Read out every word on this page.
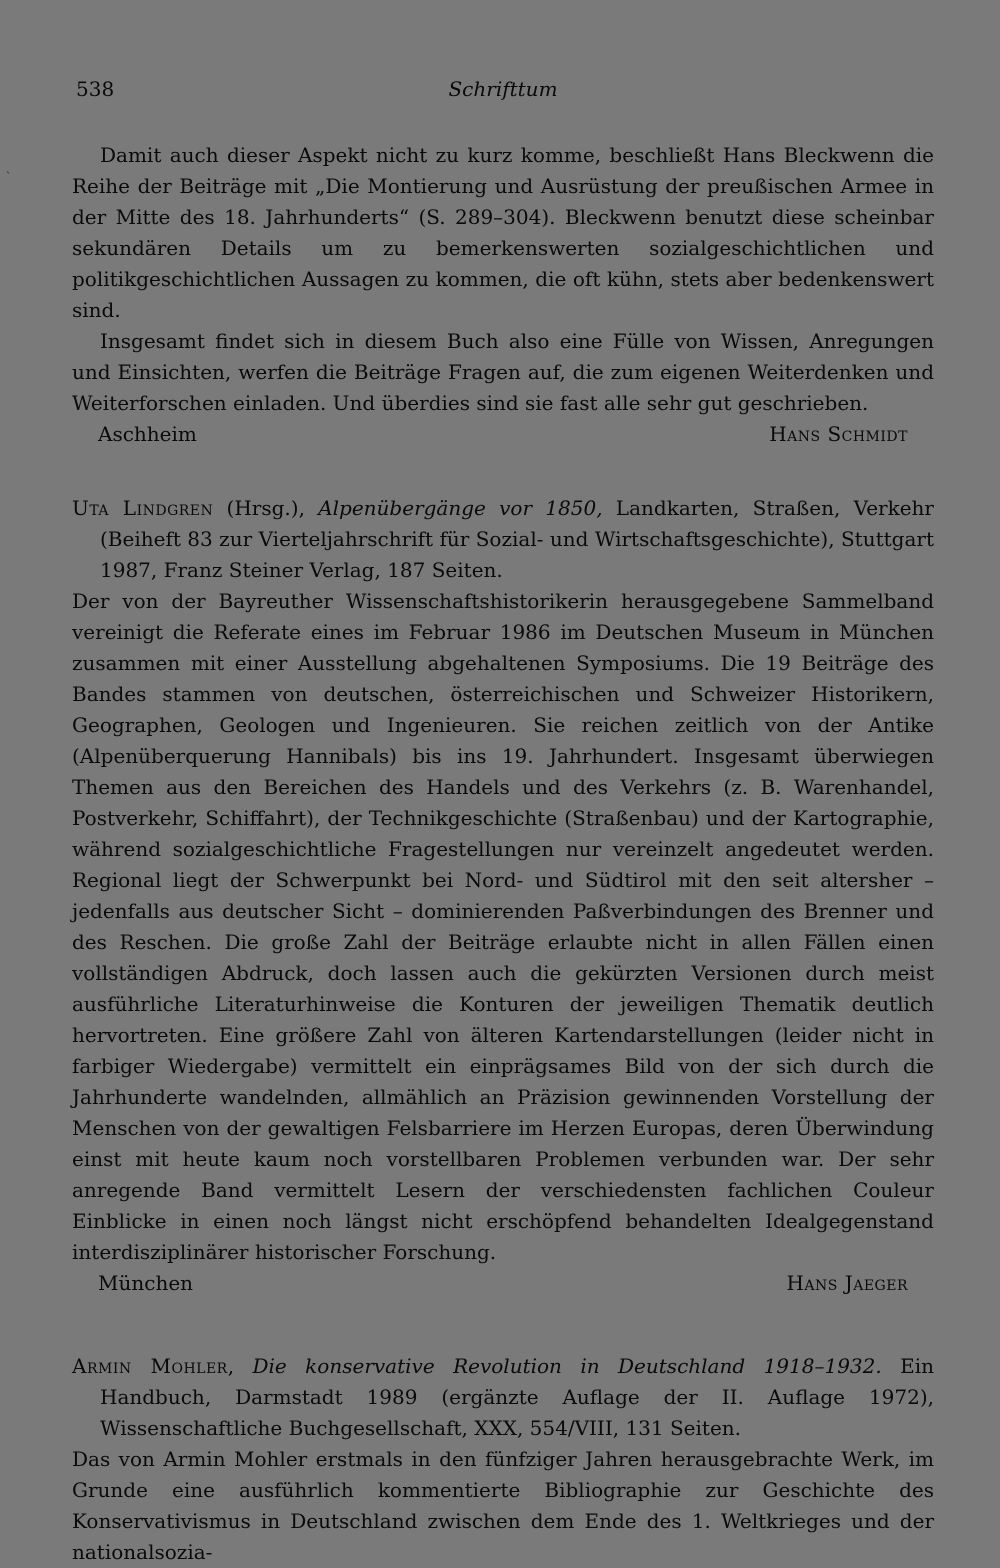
538	Schrifttum
`

Damit auch dieser Aspekt nicht zu kurz komme, beschließt Hans Bleckwenn die Reihe der Beiträge mit „Die Montierung und Ausrüstung der preußischen Armee in der Mitte des 18. Jahrhunderts“ (S. 289–304). Bleckwenn benutzt diese scheinbar sekundären Details um zu bemerkenswerten sozialgeschichtlichen und politikgeschichtlichen Aussagen zu kommen, die oft kühn, stets aber bedenkenswert sind.

Insgesamt findet sich in diesem Buch also eine Fülle von Wissen, Anregungen und Einsichten, werfen die Beiträge Fragen auf, die zum eigenen Weiterdenken und Weiterforschen einladen. Und überdies sind sie fast alle sehr gut geschrieben.

Aschheim	Hans Schmidt

Uta Lindgren (Hrsg.), Alpenübergänge vor 1850, Landkarten, Straßen, Verkehr (Beiheft 83 zur Vierteljahrschrift für Sozial- und Wirtschaftsgeschichte), Stuttgart 1987, Franz Steiner Verlag, 187 Seiten.

Der von der Bayreuther Wissenschaftshistorikerin herausgegebene Sammelband vereinigt die Referate eines im Februar 1986 im Deutschen Museum in München zusammen mit einer Ausstellung abgehaltenen Symposiums. Die 19 Beiträge des Bandes stammen von deutschen, österreichischen und Schweizer Historikern, Geographen, Geologen und Ingenieuren. Sie reichen zeitlich von der Antike (Alpenüberquerung Hannibals) bis ins 19. Jahrhundert. Insgesamt überwiegen Themen aus den Bereichen des Handels und des Verkehrs (z. B. Warenhandel, Postverkehr, Schiffahrt), der Technikgeschichte (Straßenbau) und der Kartographie, während sozialgeschichtliche Fragestellungen nur vereinzelt angedeutet werden. Regional liegt der Schwerpunkt bei Nord- und Südtirol mit den seit altersher – jedenfalls aus deutscher Sicht – dominierenden Paßverbindungen des Brenner und des Reschen. Die große Zahl der Beiträge erlaubte nicht in allen Fällen einen vollständigen Abdruck, doch lassen auch die gekürzten Versionen durch meist ausführliche Literaturhinweise die Konturen der jeweiligen Thematik deutlich hervortreten. Eine größere Zahl von älteren Kartendarstellungen (leider nicht in farbiger Wiedergabe) vermittelt ein einprägsames Bild von der sich durch die Jahrhunderte wandelnden, allmählich an Präzision gewinnenden Vorstellung der Menschen von der gewaltigen Felsbarriere im Herzen Europas, deren Überwindung einst mit heute kaum noch vorstellbaren Problemen verbunden war. Der sehr anregende Band vermittelt Lesern der verschiedensten fachlichen Couleur Einblicke in einen noch längst nicht erschöpfend behandelten Idealgegenstand interdisziplinärer historischer Forschung.

München	Hans Jaeger

Armin Mohler, Die konservative Revolution in Deutschland 1918–1932. Ein Handbuch, Darmstadt 1989 (ergänzte Auflage der II. Auflage 1972), Wissenschaftliche Buchgesellschaft, XXX, 554/VIII, 131 Seiten.

Das von Armin Mohler erstmals in den fünfziger Jahren herausgebrachte Werk, im Grunde eine ausführlich kommentierte Bibliographie zur Geschichte des Konservativismus in Deutschland zwischen dem Ende des 1. Weltkrieges und der nationalsozia-
